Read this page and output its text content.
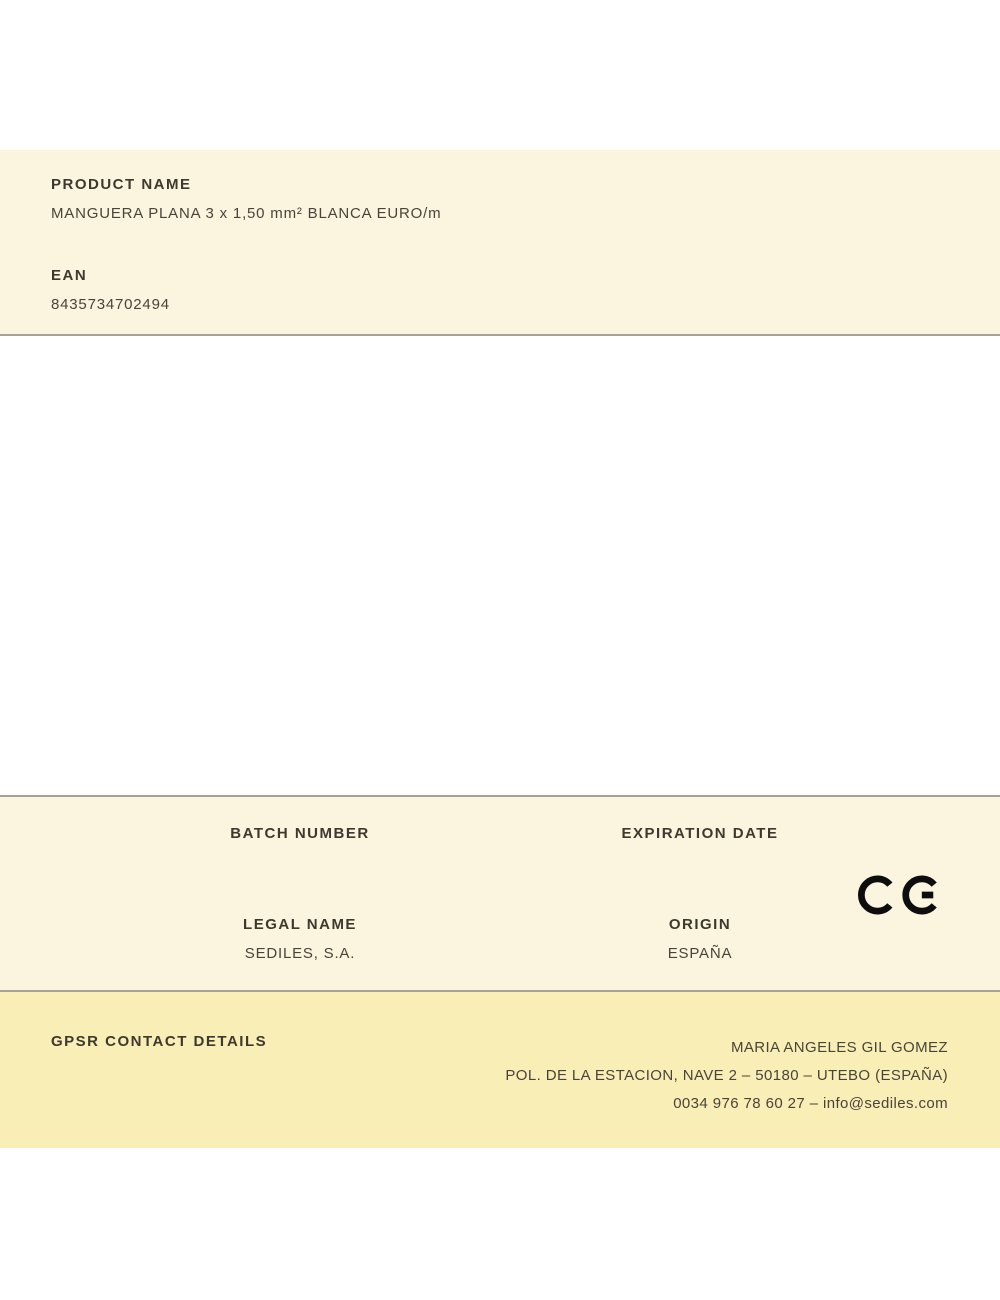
PRODUCT NAME
MANGUERA PLANA 3 x 1,50 mm² BLANCA EURO/m
EAN
8435734702494
BATCH NUMBER	EXPIRATION DATE
LEGAL NAME
SEDILES, S.A.
ORIGIN
ESPAÑA
GPSR CONTACT DETAILS	MARIA ANGELES GIL GOMEZ
POL. DE LA ESTACION, NAVE 2 – 50180 – UTEBO (ESPAÑA)
0034 976 78 60 27 – info@sediles.com
